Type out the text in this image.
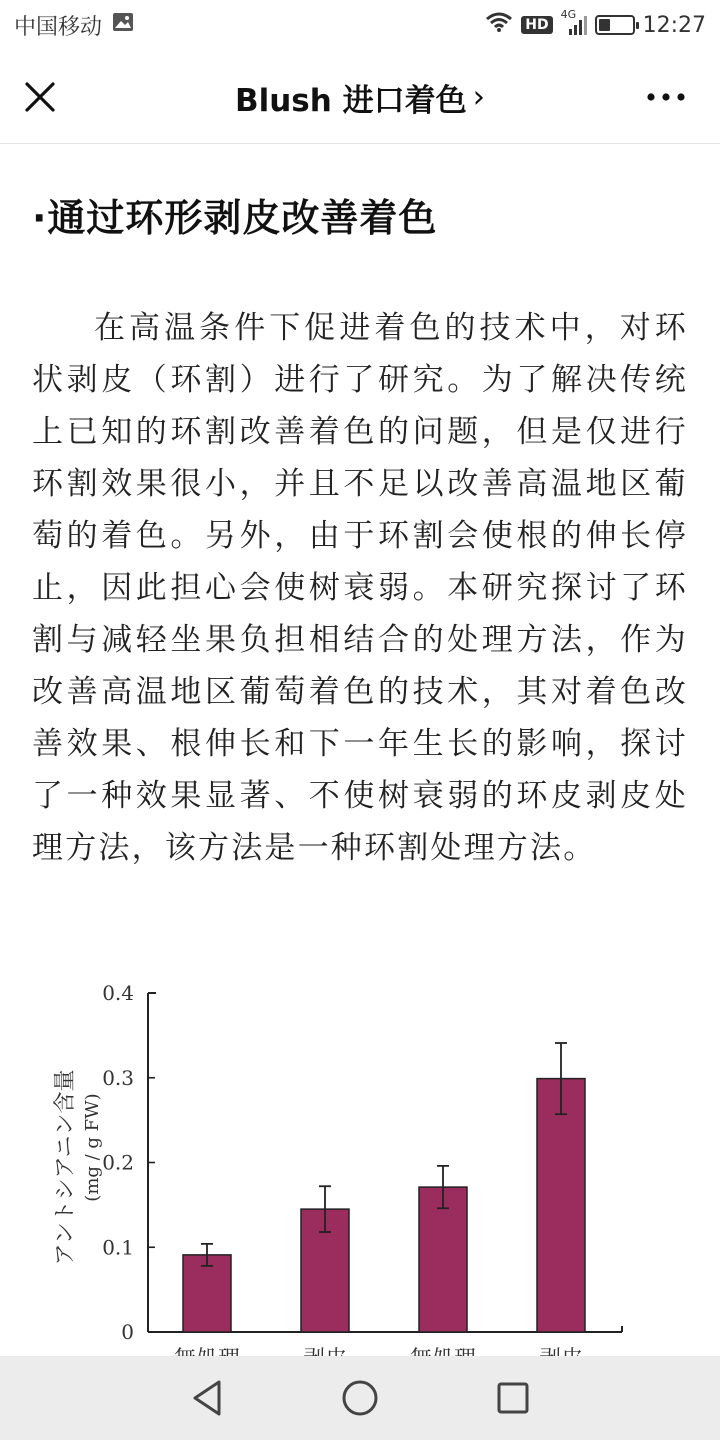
中国移动	HD
4G	12:27
Blush 进口着色 ›
·通过环形剥皮改善着色

在高温条件下促进着色的技术中，对环状剥皮（环割）进行了研究。为了解决传统上已知的环割改善着色的问题，但是仅进行环割效果很小，并且不足以改善高温地区葡萄的着色。另外，由于环割会使根的伸长停止，因此担心会使树衰弱。本研究探讨了环割与减轻坐果负担相结合的处理方法，作为改善高温地区葡萄着色的技术，其对着色改善效果、根伸长和下一年生长的影响，探讨了一种效果显著、不使树衰弱的环皮剥皮处理方法，该方法是一种环割处理方法。

0
0.1
0.2
0.3
0.4
アントシアニン含量 (mg / g FW)
